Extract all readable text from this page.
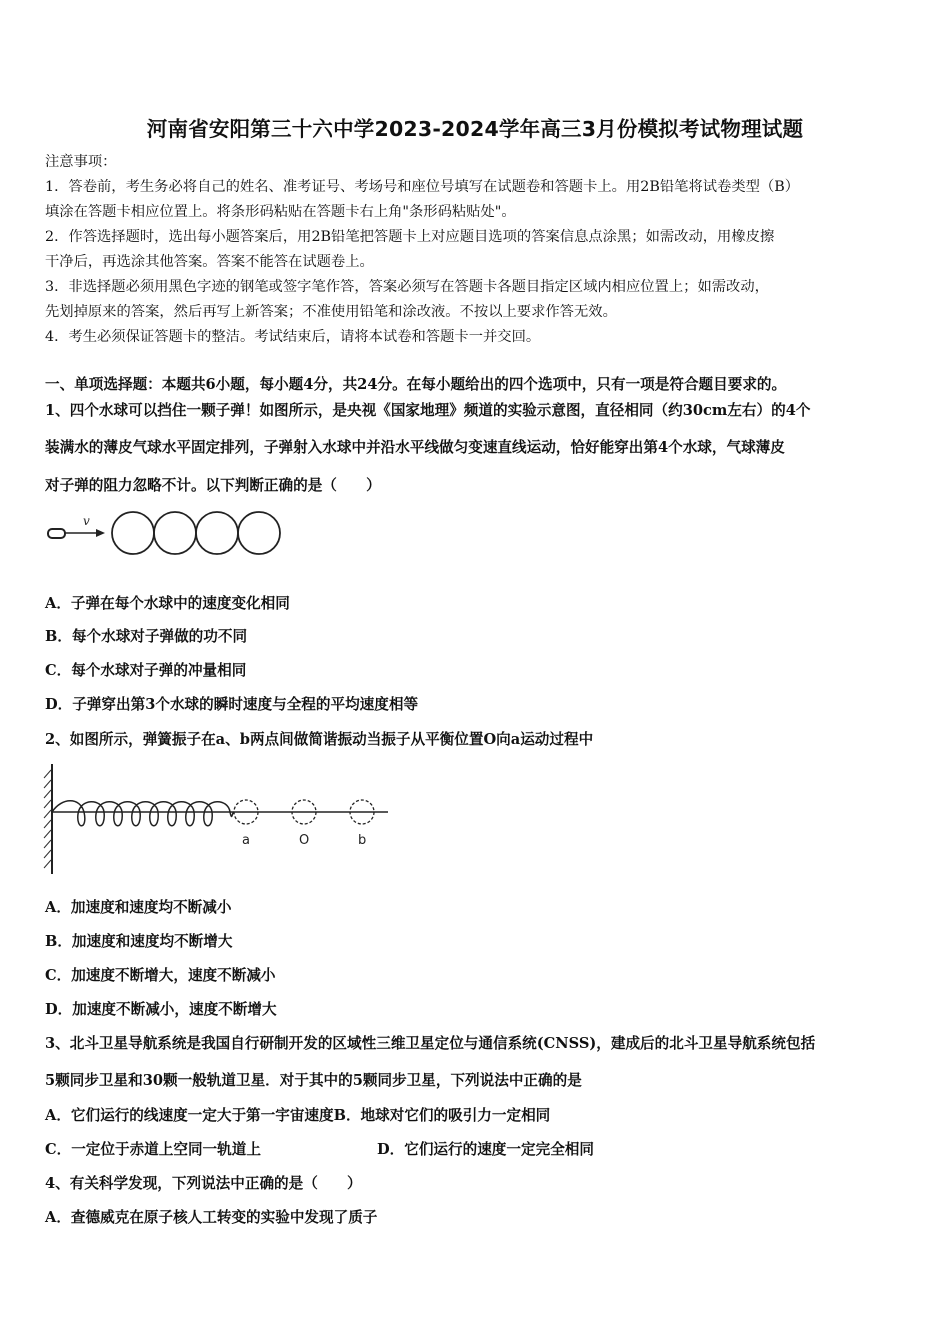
河南省安阳第三十六中学2023-2024学年高三3月份模拟考试物理试题
注意事项：
1．答卷前，考生务必将自己的姓名、准考证号、考场号和座位号填写在试题卷和答题卡上。用2B铅笔将试卷类型（B）
填涂在答题卡相应位置上。将条形码粘贴在答题卡右上角"条形码粘贴处"。
2．作答选择题时，选出每小题答案后，用2B铅笔把答题卡上对应题目选项的答案信息点涂黑；如需改动，用橡皮擦
干净后，再选涂其他答案。答案不能答在试题卷上。
3．非选择题必须用黑色字迹的钢笔或签字笔作答，答案必须写在答题卡各题目指定区域内相应位置上；如需改动，
先划掉原来的答案，然后再写上新答案；不准使用铅笔和涂改液。不按以上要求作答无效。
4．考生必须保证答题卡的整洁。考试结束后，请将本试卷和答题卡一并交回。
一、单项选择题：本题共6小题，每小题4分，共24分。在每小题给出的四个选项中，只有一项是符合题目要求的。
1、四个水球可以挡住一颗子弹！如图所示，是央视《国家地理》频道的实验示意图，直径相同（约30cm左右）的4个
装满水的薄皮气球水平固定排列，子弹射入水球中并沿水平线做匀变速直线运动，恰好能穿出第4个水球，气球薄皮
对子弹的阻力忽略不计。以下判断正确的是（　　）
v
A．子弹在每个水球中的速度变化相同
B．每个水球对子弹做的功不同
C．每个水球对子弹的冲量相同
D．子弹穿出第3个水球的瞬时速度与全程的平均速度相等
2、如图所示，弹簧振子在a、b两点间做简谐振动当振子从平衡位置O向a运动过程中
a	O	b
A．加速度和速度均不断减小
B．加速度和速度均不断增大
C．加速度不断增大，速度不断减小
D．加速度不断减小，速度不断增大
3、北斗卫星导航系统是我国自行研制开发的区域性三维卫星定位与通信系统(CNSS)，建成后的北斗卫星导航系统包括
5颗同步卫星和30颗一般轨道卫星．对于其中的5颗同步卫星，下列说法中正确的是
A．它们运行的线速度一定大于第一宇宙速度B．地球对它们的吸引力一定相同
C．一定位于赤道上空同一轨道上	D．它们运行的速度一定完全相同
4、有关科学发现，下列说法中正确的是（　　）
A．查德威克在原子核人工转变的实验中发现了质子
